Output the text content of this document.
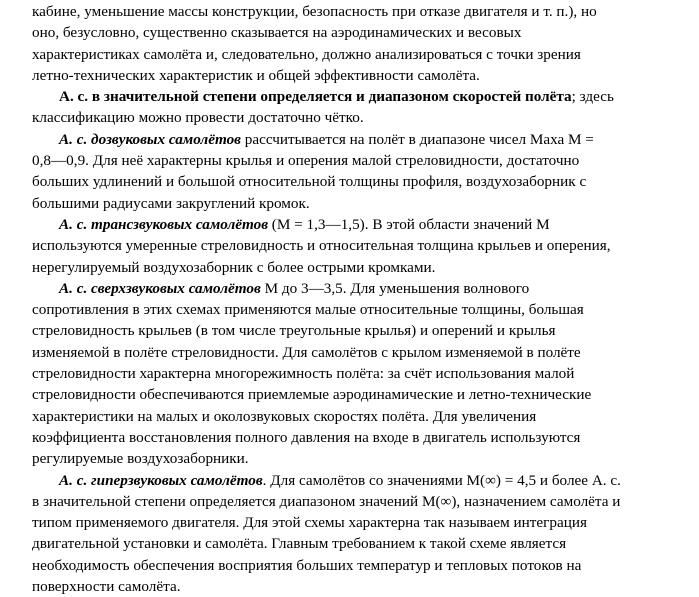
кабине, уменьшение массы конструкции, безопасность при отказе двигателя и т. п.), но
оно, безусловно, существенно сказывается на аэродинамических и весовых
характеристиках самолёта и, следовательно, должно анализироваться с точки зрения
летно-технических характеристик и общей эффективности самолёта.

А. с. в значительной степени определяется и диапазоном скоростей полёта; здесь
классификацию можно провести достаточно чётко.

А. с. дозвуковых самолётов рассчитывается на полёт в диапазоне чисел Маха M =
0,8—0,9. Для неё характерны крылья и оперения малой стреловидности, достаточно
больших удлинений и большой относительной толщины профиля, воздухозаборник с
большими радиусами закруглений кромок.

А. с. трансзвуковых самолётов (M = 1,3—1,5). В этой области значений M
используются умеренные стреловидность и относительная толщина крыльев и оперения,
нерегулируемый воздухозаборник с более острыми кромками.

А. с. сверхзвуковых самолётов M до 3—3,5. Для уменьшения волнового
сопротивления в этих схемах применяются малые относительные толщины, большая
стреловидность крыльев (в том числе треугольные крылья) и оперений и крылья
изменяемой в полёте стреловидности. Для самолётов с крылом изменяемой в полёте
стреловидности характерна многорежимность полёта: за счёт использования малой
стреловидности обеспечиваются приемлемые аэродинамические и летно-технические
характеристики на малых и околозвуковых скоростях полёта. Для увеличения
коэффициента восстановления полного давления на входе в двигатель используются
регулируемые воздухозаборники.

А. с. гиперзвуковых самолётов. Для самолётов со значениями M(∞) = 4,5 и более А. с.
в значительной степени определяется диапазоном значений M(∞), назначением самолёта и
типом применяемого двигателя. Для этой схемы характерна так называем интеграция
двигательной установки и самолёта. Главным требованием к такой схеме является
необходимость обеспечения восприятия больших температур и тепловых потоков на
поверхности самолёта.
